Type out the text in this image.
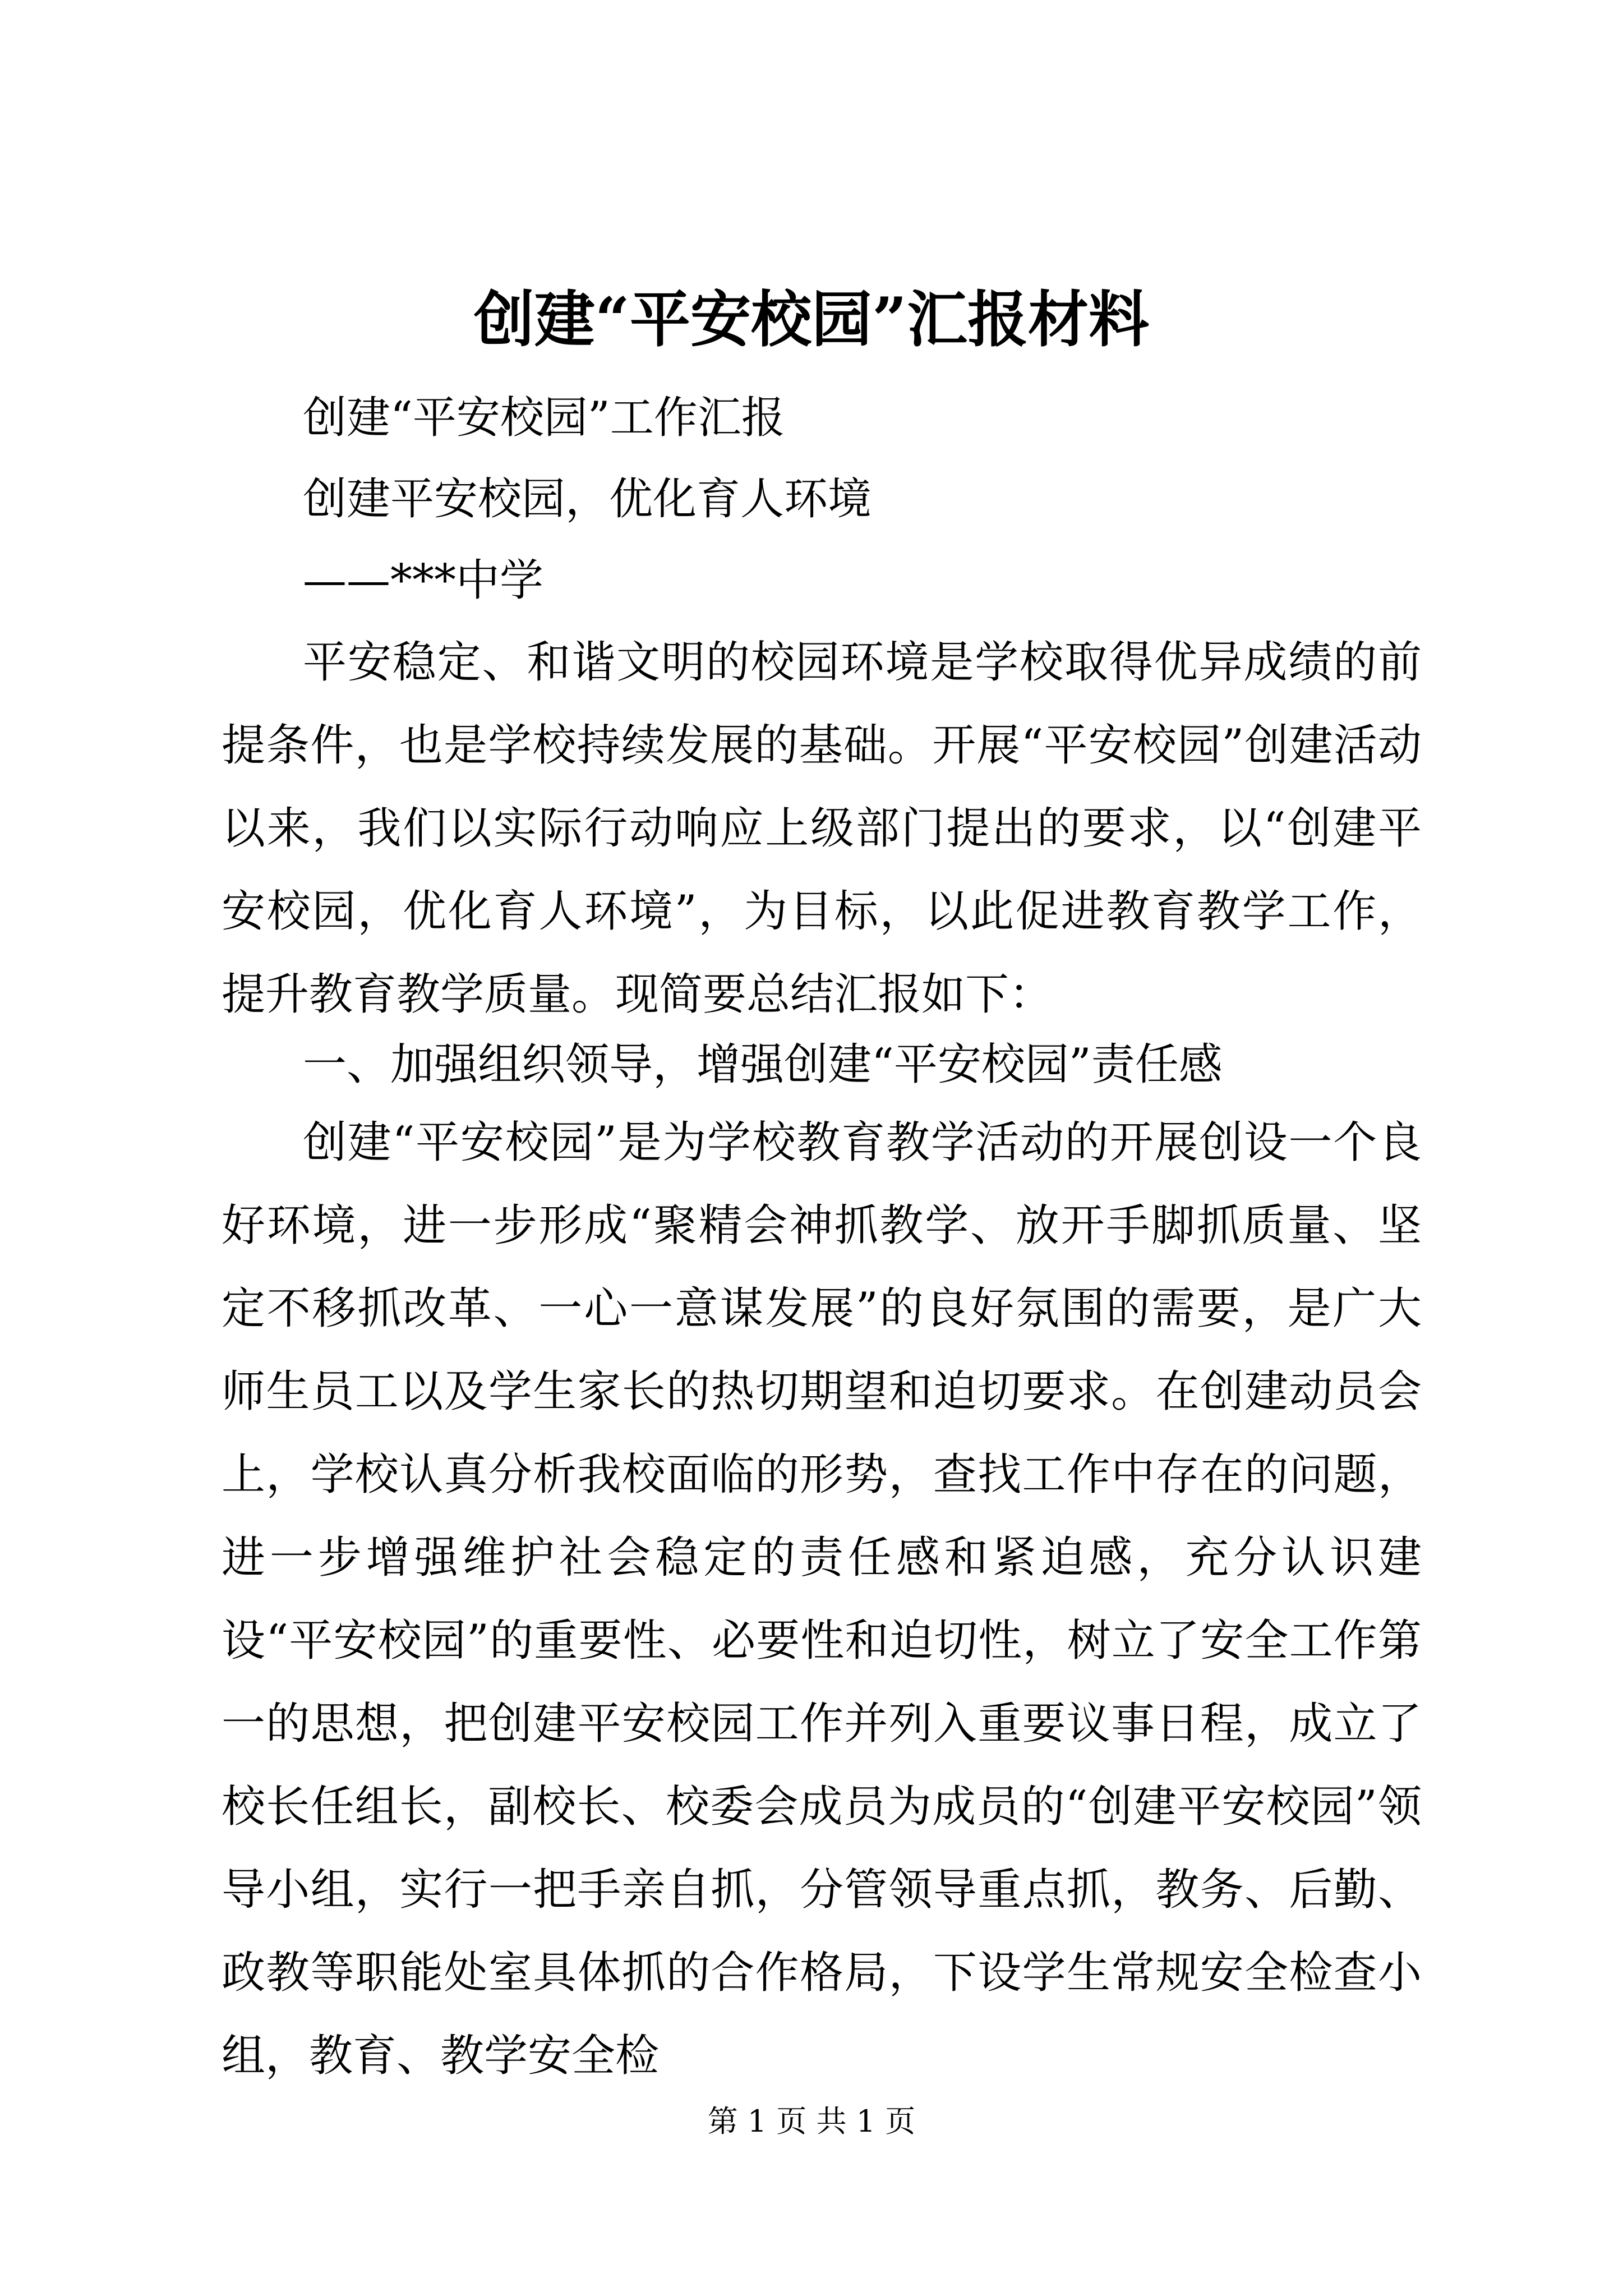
创建“平安校园”汇报材料
创建“平安校园”工作汇报
创建平安校园，优化育人环境
——***中学
平安稳定、和谐文明的校园环境是学校取得优异成绩的前提条件，也是学校持续发展的基础。开展“平安校园”创建活动以来，我们以实际行动响应上级部门提出的要求，以“创建平安校园，优化育人环境”，为目标，以此促进教育教学工作，提升教育教学质量。现简要总结汇报如下：
一、加强组织领导，增强创建“平安校园”责任感
创建“平安校园”是为学校教育教学活动的开展创设一个良好环境，进一步形成“聚精会神抓教学、放开手脚抓质量、坚定不移抓改革、一心一意谋发展”的良好氛围的需要，是广大师生员工以及学生家长的热切期望和迫切要求。在创建动员会上，学校认真分析我校面临的形势，查找工作中存在的问题，进一步增强维护社会稳定的责任感和紧迫感，充分认识建设“平安校园”的重要性、必要性和迫切性，树立了安全工作第一的思想，把创建平安校园工作并列入重要议事日程，成立了校长任组长，副校长、校委会成员为成员的“创建平安校园”领导小组，实行一把手亲自抓，分管领导重点抓，教务、后勤、政教等职能处室具体抓的合作格局，下设学生常规安全检查小组，教育、教学安全检
第 1 页 共 1 页
